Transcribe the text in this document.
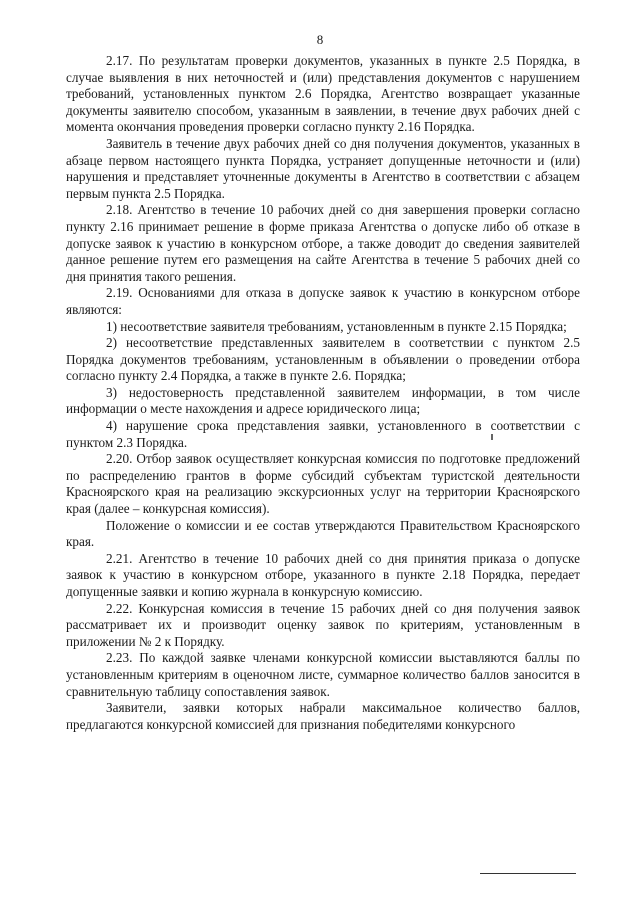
8

2.17. По результатам проверки документов, указанных в пункте 2.5 Порядка, в случае выявления в них неточностей и (или) представления документов с нарушением требований, установленных пунктом 2.6 Порядка, Агентство возвращает указанные документы заявителю способом, указанным в заявлении, в течение двух рабочих дней с момента окончания проведения проверки согласно пункту 2.16 Порядка.

Заявитель в течение двух рабочих дней со дня получения документов, указанных в абзаце первом настоящего пункта Порядка, устраняет допущенные неточности и (или) нарушения и представляет уточненные документы в Агентство в соответствии с абзацем первым пункта 2.5 Порядка.

2.18. Агентство в течение 10 рабочих дней со дня завершения проверки согласно пункту 2.16 принимает решение в форме приказа Агентства о допуске либо об отказе в допуске заявок к участию в конкурсном отборе, а также доводит до сведения заявителей данное решение путем его размещения на сайте Агентства в течение 5 рабочих дней со дня принятия такого решения.

2.19. Основаниями для отказа в допуске заявок к участию в конкурсном отборе являются:

1) несоответствие заявителя требованиям, установленным в пункте 2.15 Порядка;

2) несоответствие представленных заявителем в соответствии с пунктом 2.5 Порядка документов требованиям, установленным в объявлении о проведении отбора согласно пункту 2.4 Порядка, а также в пункте 2.6. Порядка;

3) недостоверность представленной заявителем информации, в том числе информации о месте нахождения и адресе юридического лица;

4) нарушение срока представления заявки, установленного в соответствии с пунктом 2.3 Порядка.

2.20. Отбор заявок осуществляет конкурсная комиссия по подготовке предложений по распределению грантов в форме субсидий субъектам туристской деятельности Красноярского края на реализацию экскурсионных услуг на территории Красноярского края (далее – конкурсная комиссия).

Положение о комиссии и ее состав утверждаются Правительством Красноярского края.

2.21. Агентство в течение 10 рабочих дней со дня принятия приказа о допуске заявок к участию в конкурсном отборе, указанного в пункте 2.18 Порядка, передает допущенные заявки и копию журнала в конкурсную комиссию.

2.22. Конкурсная комиссия в течение 15 рабочих дней со дня получения заявок рассматривает их и производит оценку заявок по критериям, установленным в приложении № 2 к Порядку.

2.23. По каждой заявке членами конкурсной комиссии выставляются баллы по установленным критериям в оценочном листе, суммарное количество баллов заносится в сравнительную таблицу сопоставления заявок.

Заявители, заявки которых набрали максимальное количество баллов, предлагаются конкурсной комиссией для признания победителями конкурсного
